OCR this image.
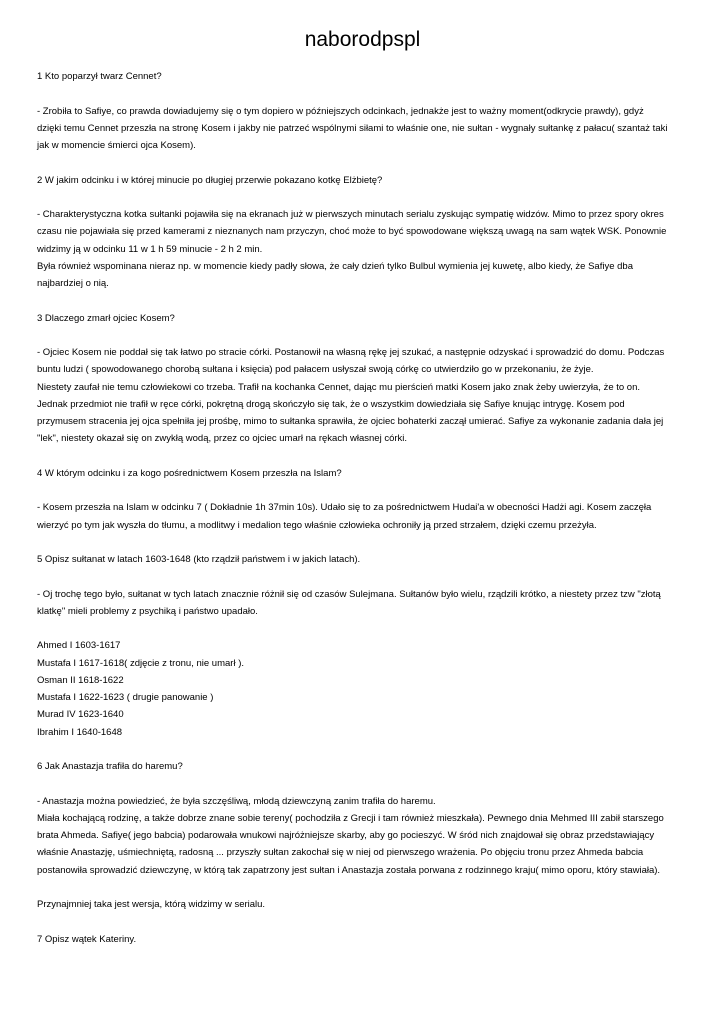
naborodpspl

1 Kto poparzył twarz Cennet?

- Zrobiła to Safiye, co prawda dowiadujemy się o tym dopiero w późniejszych odcinkach, jednakże jest to ważny moment(odkrycie prawdy), gdyż
dzięki temu Cennet przeszła na stronę Kosem i jakby nie patrzeć wspólnymi siłami to właśnie one, nie sułtan - wygnały sułtankę z pałacu( szantaż taki
jak w momencie śmierci ojca Kosem).

2 W jakim odcinku i w której minucie po długiej przerwie pokazano kotkę Elżbietę?

- Charakterystyczna kotka sułtanki pojawiła się na ekranach już w pierwszych minutach serialu zyskując sympatię widzów. Mimo to przez spory okres
czasu nie pojawiała się przed kamerami z nieznanych nam przyczyn, choć może to być spowodowane większą uwagą na sam wątek WSK. Ponownie
widzimy ją w odcinku 11 w 1 h 59 minucie - 2 h 2 min.
Była również wspominana nieraz np. w momencie kiedy padły słowa, że cały dzień tylko Bulbul wymienia jej kuwetę, albo kiedy, że Safiye dba
najbardziej o nią.

3 Dlaczego zmarł ojciec Kosem?

- Ojciec Kosem nie poddał się tak łatwo po stracie córki. Postanowił na własną rękę jej szukać, a następnie odzyskać i sprowadzić do domu. Podczas
buntu ludzi ( spowodowanego chorobą sułtana i księcia) pod pałacem usłyszał swoją córkę co utwierdziło go w przekonaniu, że żyje.
Niestety zaufał nie temu człowiekowi co trzeba. Trafił na kochanka Cennet, dając mu pierścień matki Kosem jako znak żeby uwierzyła, że to on.
Jednak przedmiot nie trafił w ręce córki, pokrętną drogą skończyło się tak, że o wszystkim dowiedziała się Safiye knując intrygę. Kosem pod
przymusem stracenia jej ojca spełniła jej prośbę, mimo to sułtanka sprawiła, że ojciec bohaterki zaczął umierać. Safiye za wykonanie zadania dała jej
"lek", niestety okazał się on zwykłą wodą, przez co ojciec umarł na rękach własnej córki.

4 W którym odcinku i za kogo pośrednictwem Kosem przeszła na Islam?

- Kosem przeszła na Islam w odcinku 7 ( Dokładnie 1h 37min 10s). Udało się to za pośrednictwem Hudai'a w obecności Hadżi agi. Kosem zaczęła
wierzyć po tym jak wyszła do tłumu, a modlitwy i medalion tego właśnie człowieka ochroniły ją przed strzałem, dzięki czemu przeżyła.

5 Opisz sułtanat w latach 1603-1648 (kto rządził państwem i w jakich latach).

- Oj trochę tego było, sułtanat w tych latach znacznie różnił się od czasów Sulejmana. Sułtanów było wielu, rządzili krótko, a niestety przez tzw "złotą
klatkę" mieli problemy z psychiką i państwo upadało.

Ahmed I 1603-1617
Mustafa I 1617-1618( zdjęcie z tronu, nie umarł ).
Osman II 1618-1622
Mustafa I 1622-1623 ( drugie panowanie )
Murad IV 1623-1640
Ibrahim I 1640-1648

6 Jak Anastazja trafiła do haremu?

- Anastazja można powiedzieć, że była szczęśliwą, młodą dziewczyną zanim trafiła do haremu.
Miała kochającą rodzinę, a także dobrze znane sobie tereny( pochodziła z Grecji i tam również mieszkała). Pewnego dnia Mehmed III zabił starszego
brata Ahmeda. Safiye( jego babcia) podarowała wnukowi najróżniejsze skarby, aby go pocieszyć. W śród nich znajdował się obraz przedstawiający
właśnie Anastazję, uśmiechniętą, radosną ... przyszły sułtan zakochał się w niej od pierwszego wrażenia. Po objęciu tronu przez Ahmeda babcia
postanowiła sprowadzić dziewczynę, w którą tak zapatrzony jest sułtan i Anastazja została porwana z rodzinnego kraju( mimo oporu, który stawiała).

Przynajmniej taka jest wersja, którą widzimy w serialu.

7 Opisz wątek Kateriny.
